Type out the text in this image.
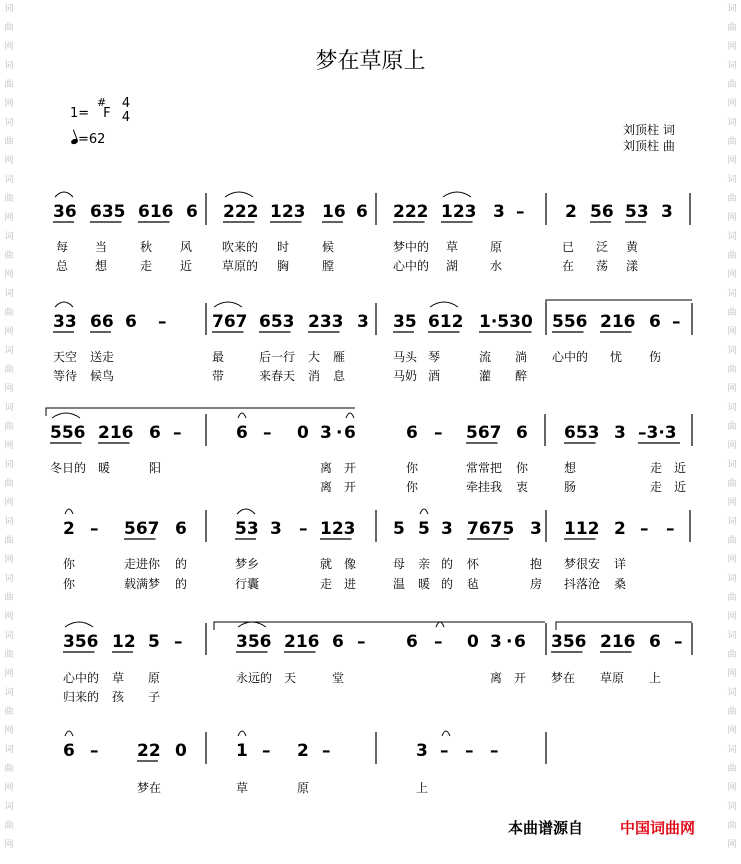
词
曲
网
词
曲
网
词
曲
网
词
曲
网
词
曲
网
词
曲
网
词
曲
网
词
曲
网
词
曲
网
词
曲
网
词
曲
网
词
曲
网
词
曲
网
词
曲
网
词
曲
网
词
曲
网
词
曲
网
词
曲
网
词
曲
网
词
曲
网
词
曲
网
词
曲
网
词
曲
网
词
曲
网
词
曲
网
词
曲
网
词
曲
网
词
曲
网
词
曲
网
词
曲
网
梦在草原上
1=
#
F
4
4
=62
刘顶柱 词
刘顶柱 曲
36 635 616 6 222 123 16 6 222 123 3 – 2 56 53 3
33 66 6 –	767 653 233 3 35 612 1·530 556 216 6 –
556 216 6 –	6 – 0 3 · 6	6 – 567 6 653 3 –3·3
2 – 567 6	53 3 – 123 5 5 3 7675 3 112 2 – –
356 12 5 –	356 216 6 – 6 – 0 3 · 6 356 216 6 –
6 – 22 0	1 – 2 –	3 – – –
每 当	秋 风 吹来的 时	候	梦中的 草	原	已 泛 黄
总 想	走 近 草原的 胸	膛	心中的 湖	水	在 荡 漾
天空 送走	最	后一行 大 雁	马头 琴	流 淌 心中的 忧 伤
等待 候鸟	带	来春天 消 息	马奶 酒	灌 醉
冬日的 暖	阳	离 开	你	常常把 你	想	走 近
离 开	你	牵挂我 衷	肠	走 近
你	走进你 的	梦乡	就 像	母 亲 的 怀	抱 梦很安 详
你	载满梦 的	行囊	走 进	温 暖 的 毡	房 抖落沧 桑
心中的 草 原	永远的 天	堂	离 开 梦在 草原 上
归来的 孩 子
梦在	草	原	上
本曲谱源自 中国词曲网
